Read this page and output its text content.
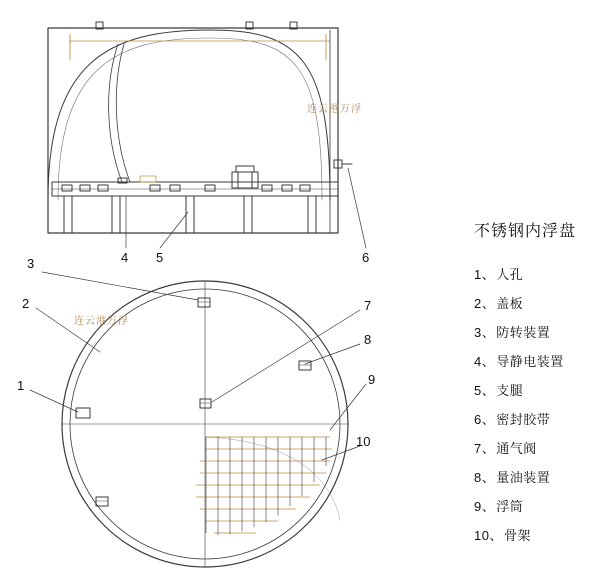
连云港万浮
连云港万浮
4 5	6
3
2
1
7
8
9
10
不锈钢内浮盘
1、人孔
2、盖板
3、防转装置
4、导静电装置
5、支腿
6、密封胶带
7、通气阀
8、量油装置
9、浮筒
10、骨架
